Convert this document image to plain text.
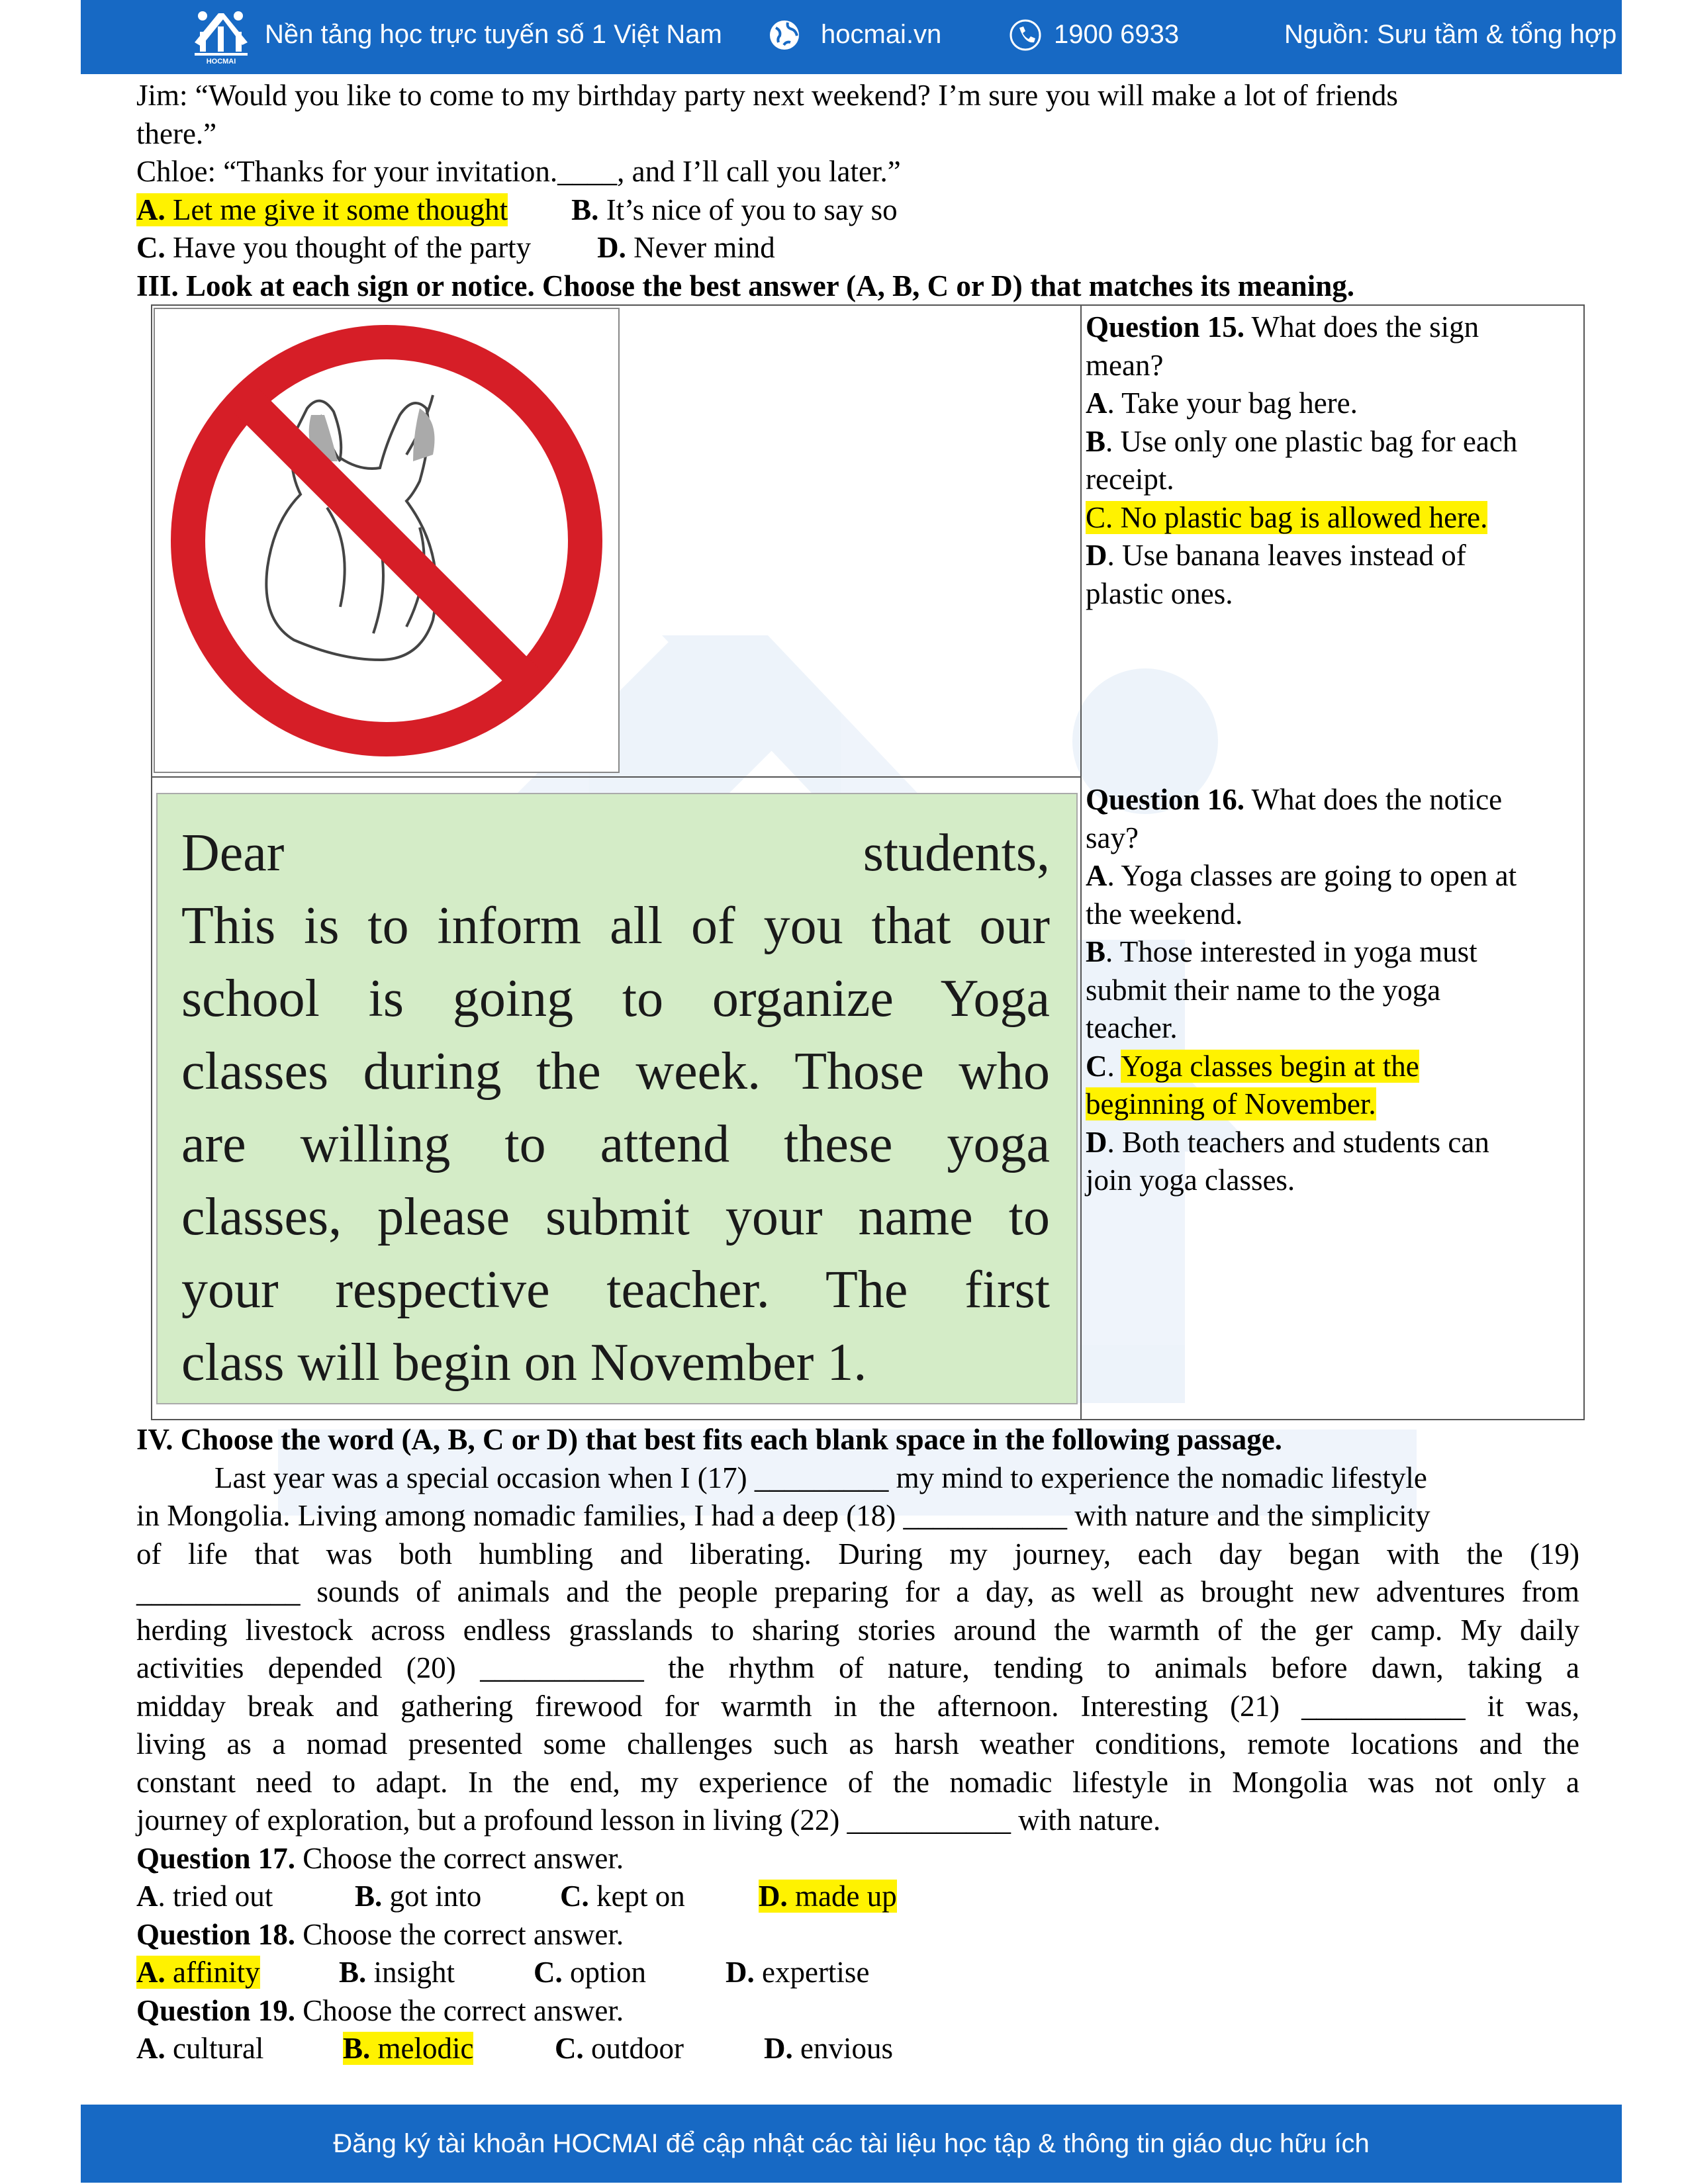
HOCMAI
Nền tảng học trực tuyến số 1 Việt Nam	hocmai.vn	1900 6933	Nguồn: Sưu tầm & tổng hợp
Jim: “Would you like to come to my birthday party next weekend? I’m sure you will make a lot of friends
there.”
Chloe: “Thanks for your invitation.____, and I’ll call you later.”
A. Let me give it some thought B. It’s nice of you to say so
C. Have you thought of the party D. Never mind
III. Look at each sign or notice. Choose the best answer (A, B, C or D) that matches its meaning.
Question 15. What does the sign
mean?
A. Take your bag here.
B. Use only one plastic bag for each
receipt.
C. No plastic bag is allowed here.
D. Use banana leaves instead of
plastic ones.
Dear students,
This is to inform all of you that our
school is going to organize Yoga
classes during the week. Those who
are willing to attend these yoga
classes, please submit your name to
your respective teacher. The first
class will begin on November 1.
Question 16. What does the notice
say?
A. Yoga classes are going to open at
the weekend.
B. Those interested in yoga must
submit their name to the yoga
teacher.
C. Yoga classes begin at the
beginning of November.
D. Both teachers and students can
join yoga classes.
IV. Choose the word (A, B, C or D) that best fits each blank space in the following passage.
Last year was a special occasion when I (17) _________ my mind to experience the nomadic lifestyle
in Mongolia. Living among nomadic families, I had a deep (18) ___________ with nature and the simplicity
of life that was both humbling and liberating. During my journey, each day began with the (19)
___________ sounds of animals and the people preparing for a day, as well as brought new adventures from
herding livestock across endless grasslands to sharing stories around the warmth of the ger camp. My daily
activities depended (20) ___________ the rhythm of nature, tending to animals before dawn, taking a
midday break and gathering firewood for warmth in the afternoon. Interesting (21) ___________ it was,
living as a nomad presented some challenges such as harsh weather conditions, remote locations and the
constant need to adapt. In the end, my experience of the nomadic lifestyle in Mongolia was not only a
journey of exploration, but a profound lesson in living (22) ___________ with nature.
Question 17. Choose the correct answer.
A. tried out	B. got into	C. kept on D. made up
Question 18. Choose the correct answer.
A. affinity	B. insight	C. option	D. expertise
Question 19. Choose the correct answer.
A. cultural	B. melodic	C. outdoor	D. envious
Đăng ký tài khoản HOCMAI để cập nhật các tài liệu học tập & thông tin giáo dục hữu ích
